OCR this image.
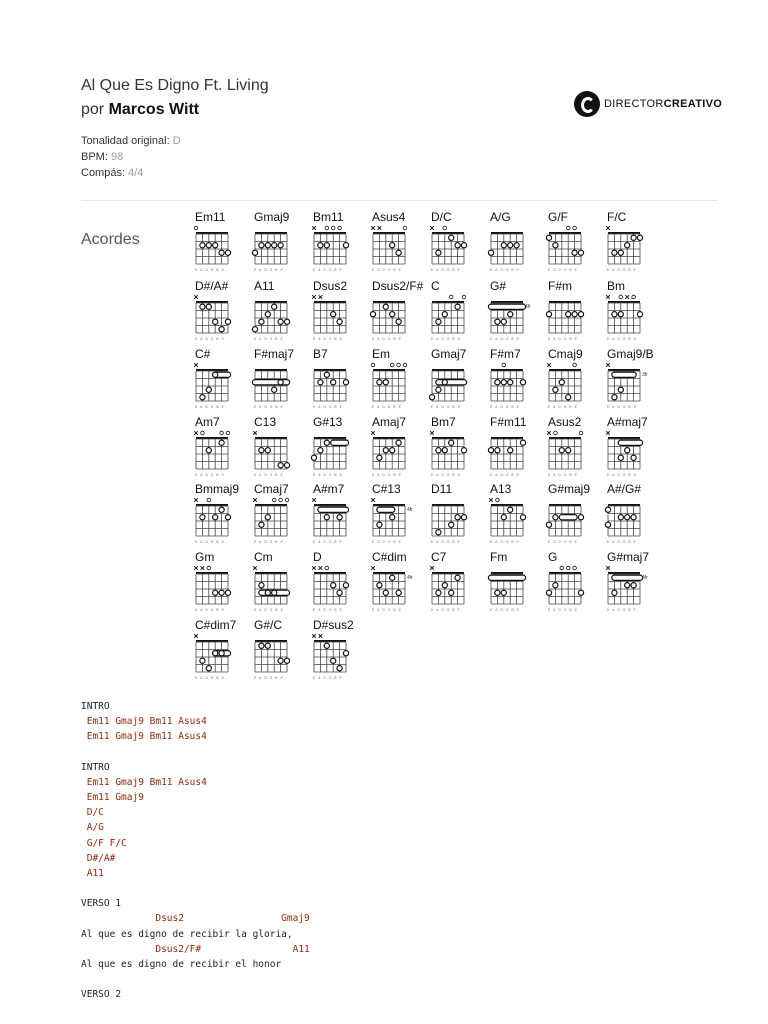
Al Que Es Digno Ft. Living
por Marcos Witt	DIRECTORCREATIVO
Tonalidad original: D
BPM: 98
Compás: 4/4
Acordes
Em11
EADGBE
Gmaj9
EADGBE
Bm11
EADGBE
Asus4
EADGBE
D/C
EADGBE
A/G
EADGBE
G/F
EADGBE
F/C
EADGBE
D#/A#
EADGBE
A11
EADGBE
Dsus2
EADGBE
Dsus2/F#
EADGBE
C
EADGBE
G#
4fr
EADGBE
F#m
EADGBE
Bm
EADGBE
C#
EADGBE
F#maj7
EADGBE
B7
EADGBE
Em
EADGBE
Gmaj7
EADGBE
F#m7
EADGBE
Cmaj9
EADGBE
Gmaj9/B
3fr
EADGBE
Am7
EADGBE
C13
EADGBE
G#13
EADGBE
Amaj7
EADGBE
Bm7
EADGBE
F#m11
EADGBE
Asus2
EADGBE
A#maj7
EADGBE
Bmmaj9
EADGBE
Cmaj7
EADGBE
A#m7
EADGBE
C#13
4fr
EADGBE
D11
EADGBE
A13
EADGBE
G#maj9
EADGBE
A#/G#
EADGBE
Gm
EADGBE
Cm
EADGBE
D
EADGBE
C#dim
4fr
EADGBE
C7
EADGBE
Fm
EADGBE
G
EADGBE
G#maj7
4fr
EADGBE
C#dim7
EADGBE
G#/C
EADGBE
D#sus2
EADGBE
INTRO
Em11 Gmaj9 Bm11 Asus4
Em11 Gmaj9 Bm11 Asus4
INTRO
Em11 Gmaj9 Bm11 Asus4
Em11 Gmaj9
D/C
A/G
G/F F/C
D#/A#
A11
VERSO 1
Dsus2                 Gmaj9
Al que es digno de recibir la gloria,
Dsus2/F#                A11
Al que es digno de recibir el honor
VERSO 2
